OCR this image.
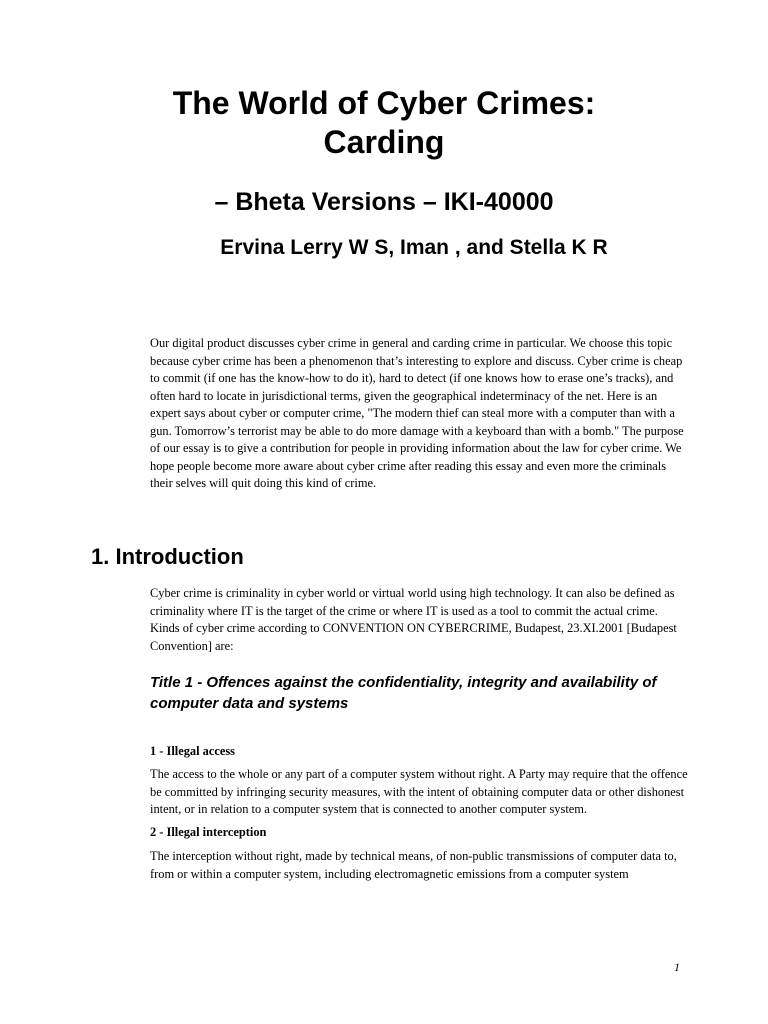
The World of Cyber Crimes:
Carding
– Bheta Versions – IKI-40000
Ervina Lerry W S, Iman , and Stella K R

Our digital product discusses cyber crime in general and carding crime in particular. We choose this topic because cyber crime has been a phenomenon that’s interesting to explore and discuss. Cyber crime is cheap to commit (if one has the know-how to do it), hard to detect (if one knows how to erase one’s tracks), and often hard to locate in jurisdictional terms, given the geographical indeterminacy of the net. Here is an expert says about cyber or computer crime, "The modern thief can steal more with a computer than with a gun. Tomorrow’s terrorist may be able to do more damage with a keyboard than with a bomb." The purpose of our essay is to give a contribution for people in providing information about the law for cyber crime. We hope people become more aware about cyber crime after reading this essay and even more the criminals their selves will quit doing this kind of crime.

1. Introduction

Cyber crime is criminality in cyber world or virtual world using high technology. It can also be defined as criminality where IT is the target of the crime or where IT is used as a tool to commit the actual crime. Kinds of cyber crime according to CONVENTION ON CYBERCRIME, Budapest, 23.XI.2001 [Budapest Convention] are:

Title 1 - Offences against the confidentiality, integrity and availability of computer data and systems
1 - Illegal access

The access to the whole or any part of a computer system without right. A Party may require that the offence be committed by infringing security measures, with the intent of obtaining computer data or other dishonest intent, or in relation to a computer system that is connected to another computer system.

2 - Illegal interception

The interception without right, made by technical means, of non-public transmissions of computer data to, from or within a computer system, including electromagnetic emissions from a computer system

1
